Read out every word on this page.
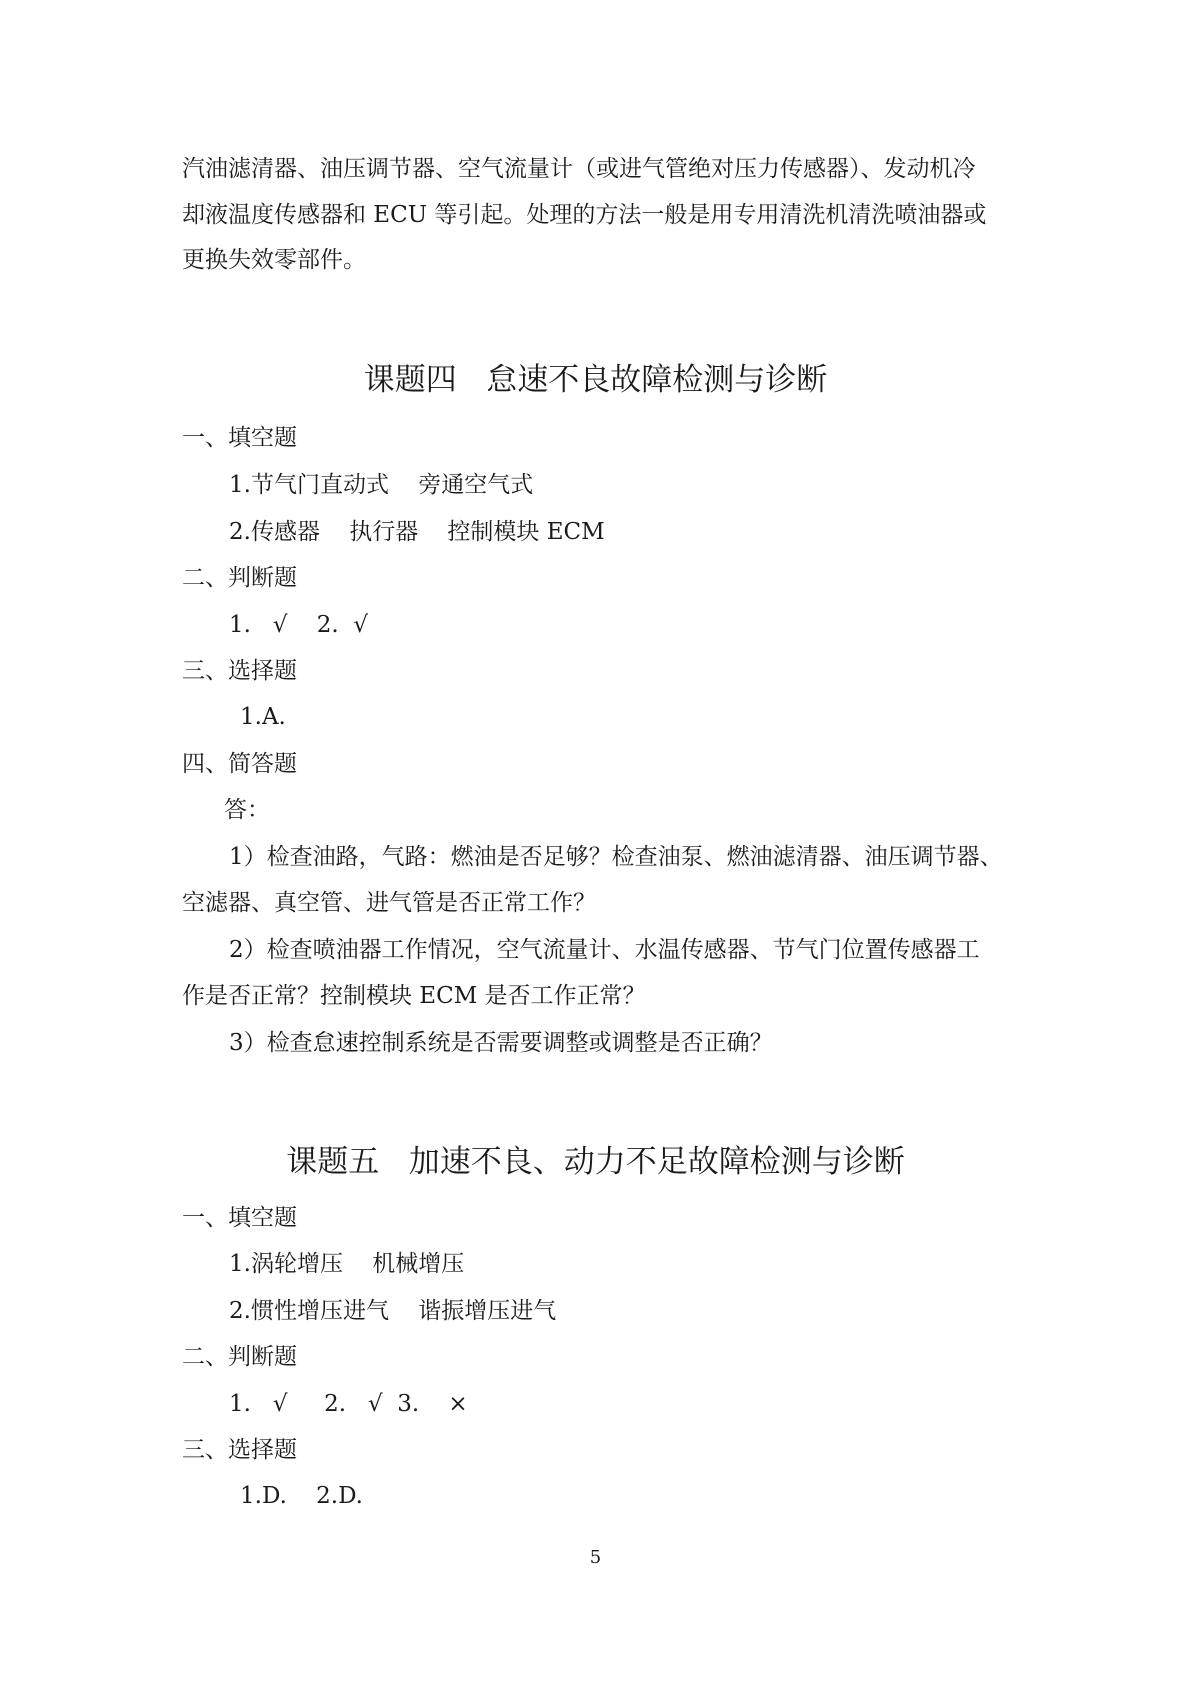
汽油滤清器、油压调节器、空气流量计（或进气管绝对压力传感器）、发动机冷
却液温度传感器和 ECU 等引起。处理的方法一般是用专用清洗机清洗喷油器或
更换失效零部件。
课题四   怠速不良故障检测与诊断
一、填空题
1.节气门直动式    旁通空气式
2.传感器    执行器    控制模块 ECM
二、判断题
1.   √    2.  √
三、选择题
1.A.
四、简答题
答：
1）检查油路，气路：燃油是否足够？检查油泵、燃油滤清器、油压调节器、
空滤器、真空管、进气管是否正常工作？
2）检查喷油器工作情况，空气流量计、水温传感器、节气门位置传感器工
作是否正常？控制模块 ECM 是否工作正常？
3）检查怠速控制系统是否需要调整或调整是否正确？
课题五   加速不良、动力不足故障检测与诊断
一、填空题
1.涡轮增压    机械增压
2.惯性增压进气    谐振增压进气
二、判断题
1.   √     2.   √  3.    ×
三、选择题
1.D.    2.D.
5
